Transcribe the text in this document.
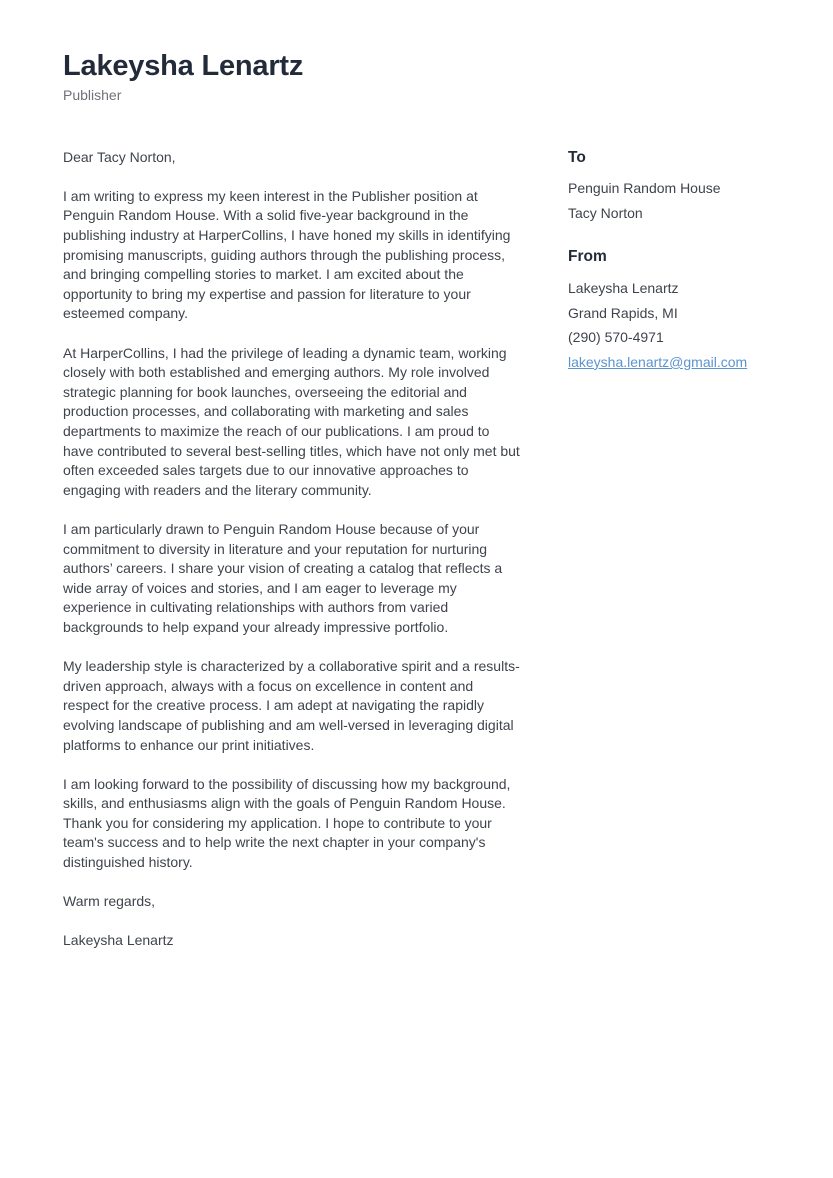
Lakeysha Lenartz
Publisher

Dear Tacy Norton,

I am writing to express my keen interest in the Publisher position at Penguin Random House. With a solid five-year background in the publishing industry at HarperCollins, I have honed my skills in identifying promising manuscripts, guiding authors through the publishing process, and bringing compelling stories to market. I am excited about the opportunity to bring my expertise and passion for literature to your esteemed company.

At HarperCollins, I had the privilege of leading a dynamic team, working closely with both established and emerging authors. My role involved strategic planning for book launches, overseeing the editorial and production processes, and collaborating with marketing and sales departments to maximize the reach of our publications. I am proud to have contributed to several best-selling titles, which have not only met but often exceeded sales targets due to our innovative approaches to engaging with readers and the literary community.

I am particularly drawn to Penguin Random House because of your commitment to diversity in literature and your reputation for nurturing authors’ careers. I share your vision of creating a catalog that reflects a wide array of voices and stories, and I am eager to leverage my experience in cultivating relationships with authors from varied backgrounds to help expand your already impressive portfolio.

My leadership style is characterized by a collaborative spirit and a results-driven approach, always with a focus on excellence in content and respect for the creative process. I am adept at navigating the rapidly evolving landscape of publishing and am well-versed in leveraging digital platforms to enhance our print initiatives.

I am looking forward to the possibility of discussing how my background, skills, and enthusiasms align with the goals of Penguin Random House. Thank you for considering my application. I hope to contribute to your team's success and to help write the next chapter in your company's distinguished history.

Warm regards,

Lakeysha Lenartz

To
Penguin Random House
Tacy Norton
From
Lakeysha Lenartz
Grand Rapids, MI
(290) 570-4971
lakeysha.lenartz@gmail.com
